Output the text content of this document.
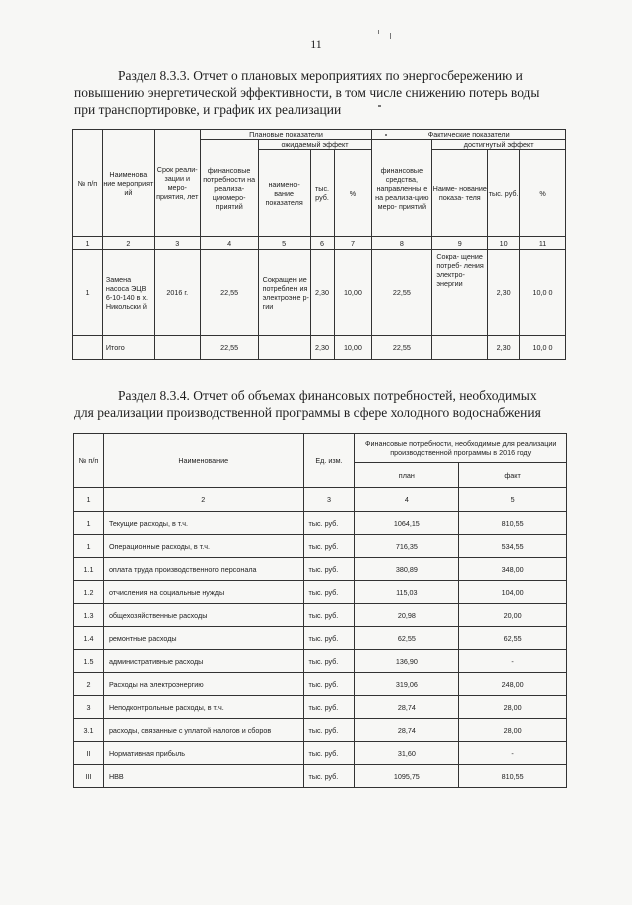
11
Раздел 8.3.3. Отчет о плановых мероприятиях по энергосбережению и
повышению энергетической эффективности, в том числе снижению потерь воды
при транспортировке, и график их реализации
№ п/п	Наименова ние мероприят ий	Срок реали- зации и меро- приятия, лет	Плановые показатели				Фактические показатели			
			финансовые потребности на реализа- циюмеро- приятий	ожидаемый эффект			финансовые средства, направленны е на реализа-цию меро- приятий	достигнутый эффект		
				наимено- вание показателя	тыс. руб.	%		Наиме- нование показа- теля	тыс. руб.	%
1	2	3	4	5	6	7	8	9	10	11
1	Замена насоса ЭЦВ 6-10-140 в х. Никольски й	2016 г.	22,55	Сокращен ие потреблен ия электроэне р-гии	2,30	10,00	22,55	Сокра- щение потреб- ления электро- энергии	2,30	10,0 0
	Итого		22,55		2,30	10,00	22,55		2,30	10,0 0
Раздел 8.3.4. Отчет об объемах финансовых потребностей, необходимых
для реализации производственной программы в сфере холодного водоснабжения
№ п/п	Наименование	Ед. изм.	Финансовые потребности, необходимые для реализации производственной программы в 2016 году	
			план	факт
1	2	3	4	5
1	Текущие расходы, в т.ч.	тыс. руб.	1064,15	810,55
1	Операционные расходы, в т.ч.	тыс. руб.	716,35	534,55
1.1	оплата труда производственного персонала	тыс. руб.	380,89	348,00
1.2	отчисления на социальные нужды	тыс. руб.	115,03	104,00
1.3	общехозяйственные расходы	тыс. руб.	20,98	20,00
1.4	ремонтные расходы	тыс. руб.	62,55	62,55
1.5	административные расходы	тыс. руб.	136,90	-
2	Расходы на электроэнергию	тыс. руб.	319,06	248,00
3	Неподконтрольные расходы, в т.ч.	тыс. руб.	28,74	28,00
3.1	расходы, связанные с уплатой налогов и сборов	тыс. руб.	28,74	28,00
II	Нормативная прибыль	тыс. руб.	31,60	-
III	НВВ	тыс. руб.	1095,75	810,55
